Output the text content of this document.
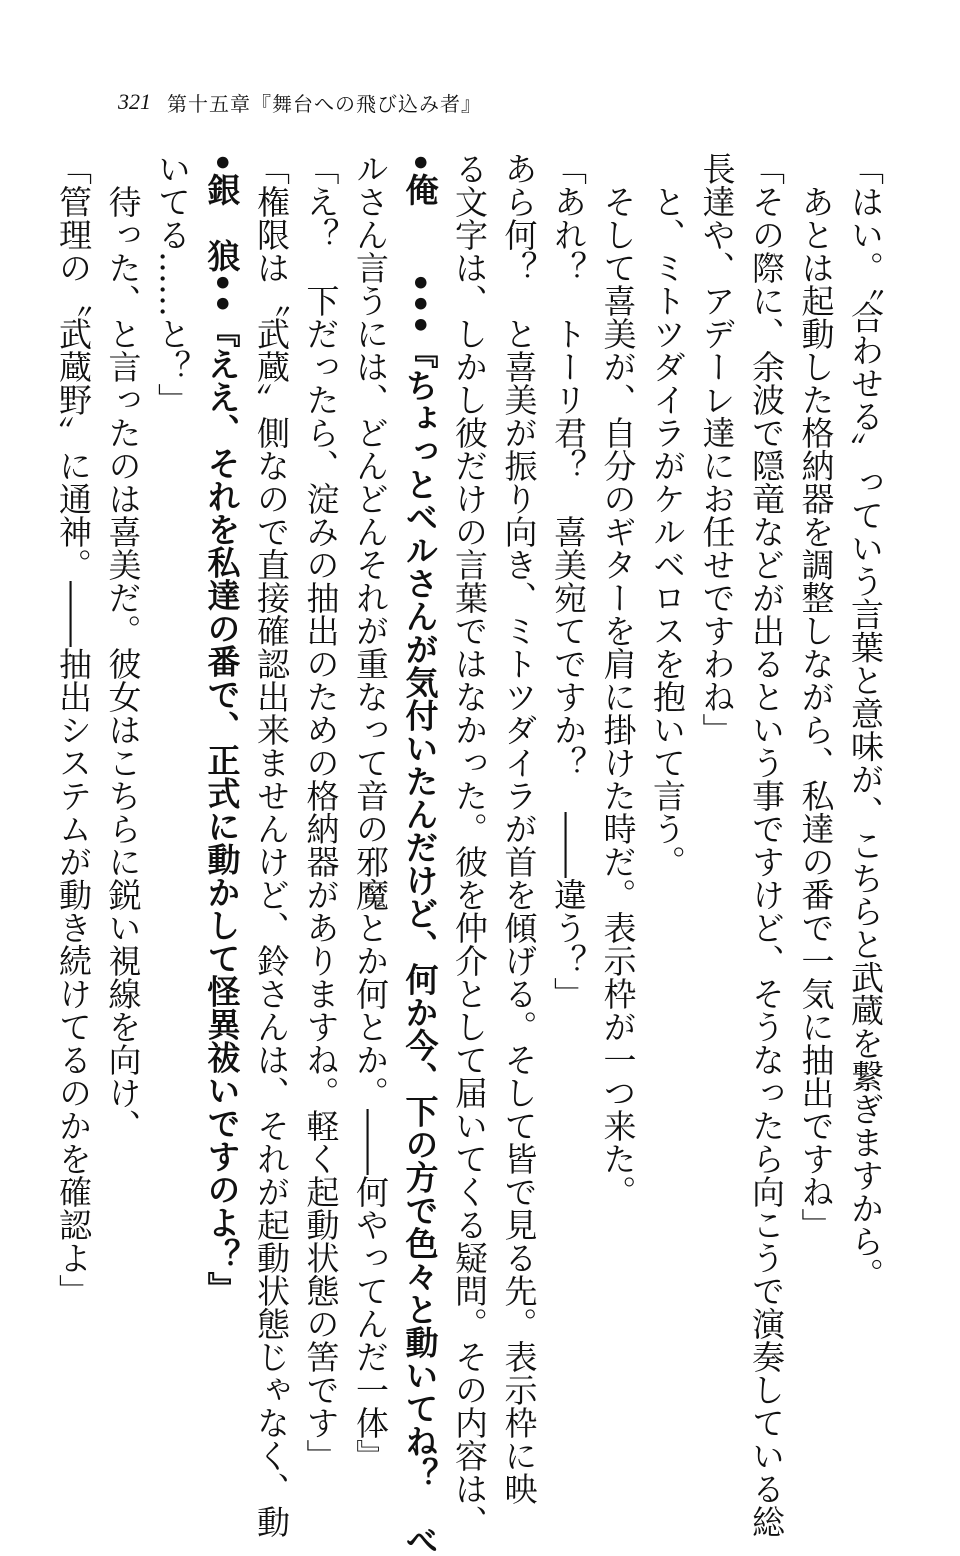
321 第十五章『舞台への飛び込み者』
「はい。〝合わせる〟っていう言葉と意味が、こちらと武蔵を繋ぎますから。
あとは起動した格納器を調整しながら、私達の番で一気に抽出ですね」
「その際に、余波で隠竜などが出るという事ですけど、そうなったら向こうで演奏している総
長達や、アデーレ達にお任せですわね」
と、ミトツダイラがケルベロスを抱いて言う。
そして喜美が、自分のギターを肩に掛けた時だ。表示枠が一つ来た。
「あれ？　トーリ君？　喜美宛てですか？　――違う？」
あら何？　と喜美が振り向き、ミトツダイラが首を傾げる。そして皆で見る先。表示枠に映
る文字は、しかし彼だけの言葉ではなかった。彼を仲介として届いてくる疑問。その内容は、
•俺　　•••『ちょっとベルさんが気付いたんだけど、何か今、下の方で色々と動いてね？　べ
ルさん言うには、どんどんそれが重なって音の邪魔とか何とか。――何やってんだ一体』
「え？　下だったら、淀みの抽出のための格納器がありますね。軽く起動状態の筈です」
「権限は〝武蔵〟側なので直接確認出来ませんけど、鈴さんは、それが起動状態じゃなく、動
•銀　狼••『ええ、それを私達の番で、正式に動かして怪異祓いですのよ？』
いてる……と？」
待った、と言ったのは喜美だ。彼女はこちらに鋭い視線を向け、
「管理の〝武蔵野〟に通神。――抽出システムが動き続けてるのかを確認よ」
